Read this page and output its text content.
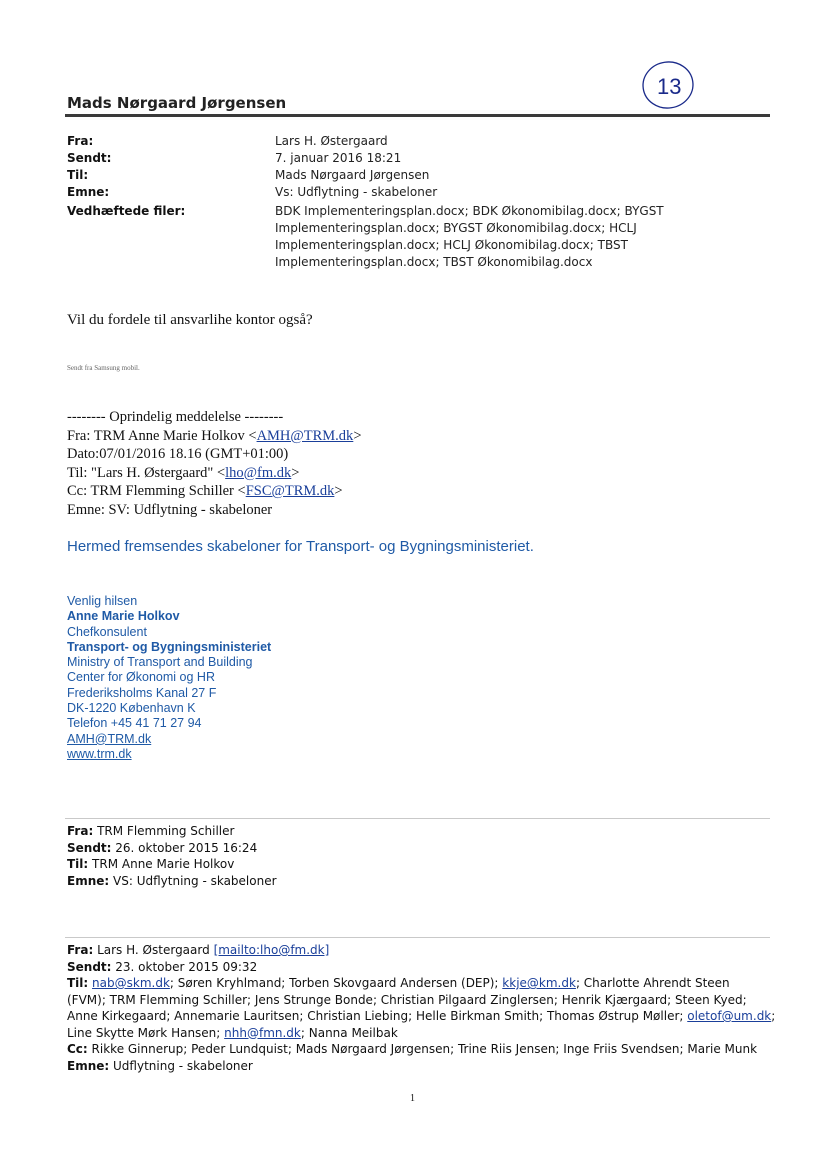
13
Mads Nørgaard Jørgensen
Fra:	Lars H. Østergaard
Sendt:	7. januar 2016 18:21
Til:	Mads Nørgaard Jørgensen
Emne:	Vs: Udflytning - skabeloner
Vedhæftede filer:	BDK Implementeringsplan.docx; BDK Økonomibilag.docx; BYGST
Implementeringsplan.docx; BYGST Økonomibilag.docx; HCLJ
Implementeringsplan.docx; HCLJ Økonomibilag.docx; TBST
Implementeringsplan.docx; TBST Økonomibilag.docx
Vil du fordele til ansvarlihe kontor også?
Sendt fra Samsung mobil.
-------- Oprindelig meddelelse --------
Fra: TRM Anne Marie Holkov <AMH@TRM.dk>
Dato:07/01/2016 18.16 (GMT+01:00)
Til: "Lars H. Østergaard" <lho@fm.dk>
Cc: TRM Flemming Schiller <FSC@TRM.dk>
Emne: SV: Udflytning - skabeloner
Hermed fremsendes skabeloner for Transport- og Bygningsministeriet.
Venlig hilsen
Anne Marie Holkov
Chefkonsulent
Transport- og Bygningsministeriet
Ministry of Transport and Building
Center for Økonomi og HR
Frederiksholms Kanal 27 F
DK-1220 København K
Telefon +45 41 71 27 94
AMH@TRM.dk
www.trm.dk
Fra: TRM Flemming Schiller
Sendt: 26. oktober 2015 16:24
Til: TRM Anne Marie Holkov
Emne: VS: Udflytning - skabeloner
Fra: Lars H. Østergaard [mailto:lho@fm.dk]
Sendt: 23. oktober 2015 09:32
Til: nab@skm.dk; Søren Kryhlmand; Torben Skovgaard Andersen (DEP); kkje@km.dk; Charlotte Ahrendt Steen
(FVM); TRM Flemming Schiller; Jens Strunge Bonde; Christian Pilgaard Zinglersen; Henrik Kjærgaard; Steen Kyed;
Anne Kirkegaard; Annemarie Lauritsen; Christian Liebing; Helle Birkman Smith; Thomas Østrup Møller; oletof@um.dk;
Line Skytte Mørk Hansen; nhh@fmn.dk; Nanna Meilbak
Cc: Rikke Ginnerup; Peder Lundquist; Mads Nørgaard Jørgensen; Trine Riis Jensen; Inge Friis Svendsen; Marie Munk
Emne: Udflytning - skabeloner
1
